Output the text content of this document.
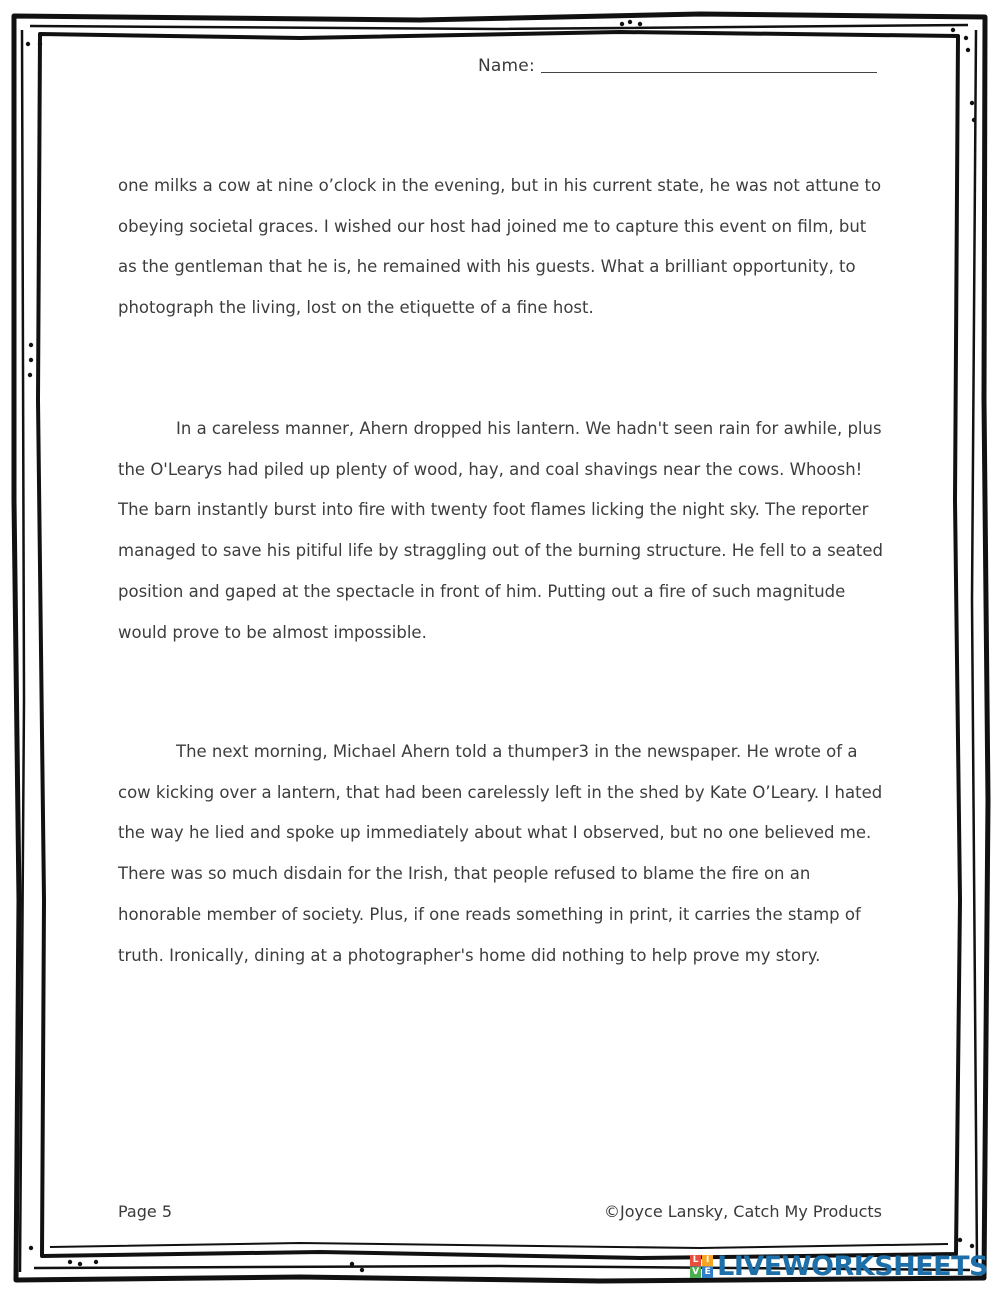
Name:

one milks a cow at nine o’clock in the evening, but in his current state, he was not attune to obeying societal graces. I wished our host had joined me to capture this event on film, but as the gentleman that he is, he remained with his guests. What a brilliant opportunity, to photograph the living, lost on the etiquette of a fine host.

In a careless manner, Ahern dropped his lantern. We hadn't seen rain for awhile, plus the O'Learys had piled up plenty of wood, hay, and coal shavings near the cows. Whoosh! The barn instantly burst into fire with twenty foot flames licking the night sky. The reporter managed to save his pitiful life by straggling out of the burning structure. He fell to a seated position and gaped at the spectacle in front of him. Putting out a fire of such magnitude would prove to be almost impossible.

The next morning, Michael Ahern told a thumper3 in the newspaper. He wrote of a cow kicking over a lantern, that had been carelessly left in the shed by Kate O’Leary. I hated the way he lied and spoke up immediately about what I observed, but no one believed me. There was so much disdain for the Irish, that people refused to blame the fire on an honorable member of society. Plus, if one reads something in print, it carries the stamp of truth. Ironically, dining at a photographer's home did nothing to help prove my story.

Page 5	©Joyce Lansky, Catch My Products
L I
V E LIVEWORKSHEETS
